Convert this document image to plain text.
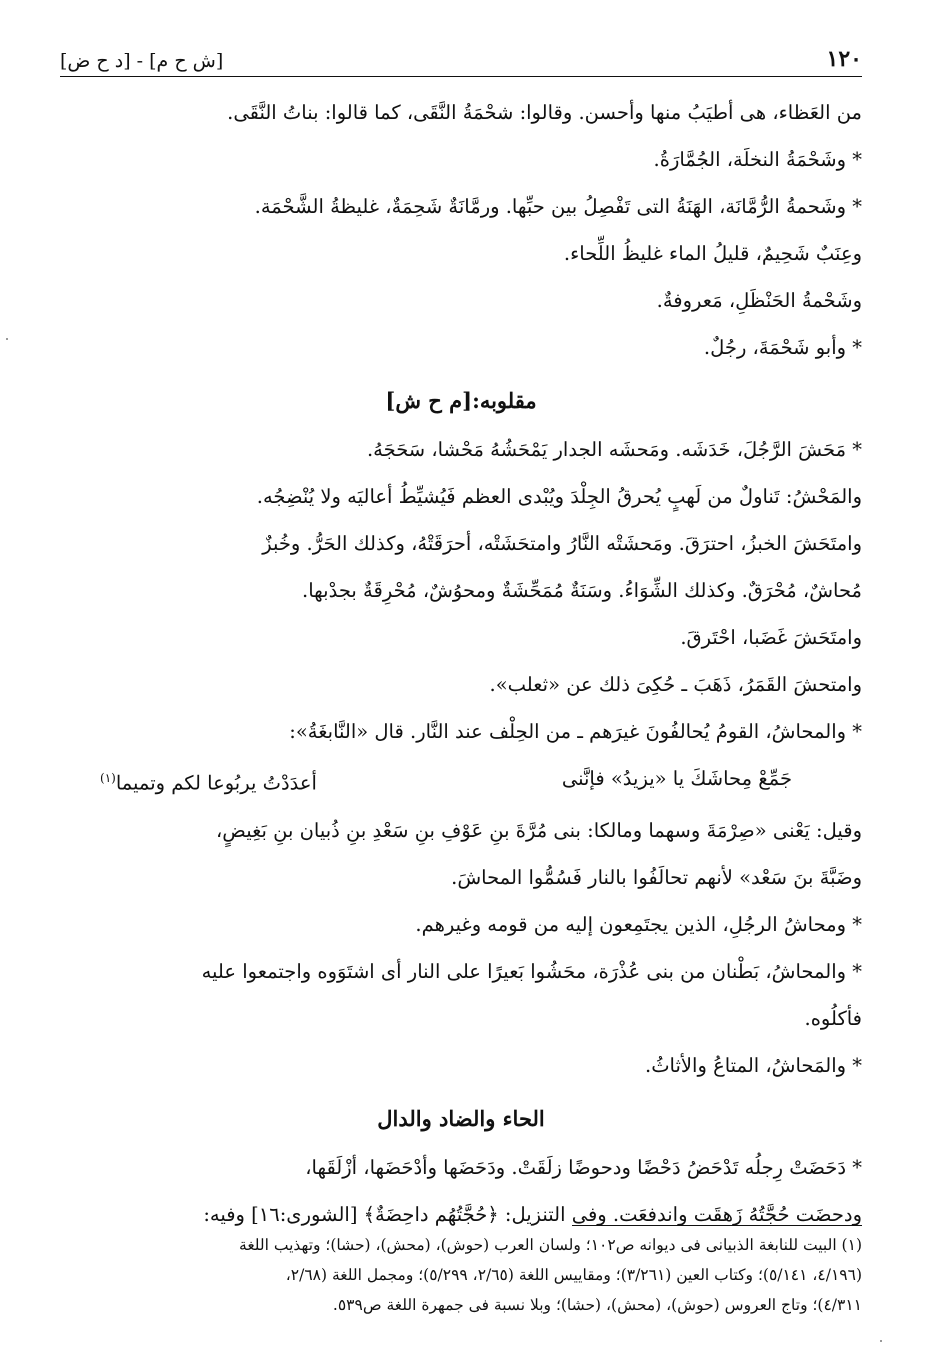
١٢٠
[ش ح م] - [د ح ض]

من العَظاء، هى أطيَبُ منها وأحسن. وقالوا: شحْمَةُ النَّقَى، كما قالوا: بناتُ النَّقَى.

* وشَحْمَةُ النخلَة، الجُمَّارَةُ.

* وشَحمةُ الرُّمَّانَة، الهَنَةُ التى تَفْصِلُ بين حبِّها. ورمَّانَةٌ شَحِمَةٌ، غليظةُ الشَّحْمَة.

وعِنَبٌ شَحِيمٌ، قليلُ الماء غليظُ اللِّحاء.

وشَحْمةُ الحَنْظَلِ، مَعروفةٌ.

* وأبو شَحْمَةَ، رجُلٌ.

مقلوبه:[م ح ش]

* مَحَشَ الرَّجُلَ، خَدَشَه. ومَحشَه الجدار يَمْحَشُهُ مَحْشا، سَحَجَهُ.

والمَحْشُ: تَناولٌ من لَهبٍ يُحرقُ الجِلْدَ ويُبْدى العظم فَيُشيِّطُ أعاليَه ولا يُنْضِجُه.

وامتَحَشَ الخبزُ، احترَقَ. ومَحشَتْه النَّارُ وامتحَشَتْه، أحرَقَتْهُ، وكذلك الحَرُّ. وخُبزٌ

مُحاشٌ، مُحْرَقٌ. وكذلك الشِّوَاءُ. وسَنَةٌ مُمَحِّشَةٌ ومحوُشٌ، مُحْرِقَةٌ بجدْبها.

وامتَحَشَ غَضَبا، احْتَرقَ.

وامتحشَ القَمَرُ، ذَهَبَ ـ حُكِىَ ذلك عن «ثعلب».

* والمحاشُ، القومُ يُحالفُونَ غيرَهم ـ من الحِلْف عند النَّار. قال «النَّابغَةُ»:

جَمِّعْ مِحاشَكَ يا «يزيدُ» فإنَّنى
أعدَدْتُ يربُوعا لكم وتميما$^{(١)}$

وقيل: يَعْنى «صِرْمَةَ وسهما ومالكا: بنى مُرَّةَ بنِ عَوْفِ بنِ سَعْدِ بنِ ذُبيان بنِ بَغِيضٍ،

وضَبَّةَ بنَ سَعْد» لأنهم تحالَفُوا بالنار فَسُمُّوا المحاشَ.

* ومحاشُ الرجُلِ، الذين يجتَمِعون إليه من قومه وغيرهم.

* والمحاشُ، بَطْنان من بنى عُذْرَة، محَشُوا بَعيرًا على النار أى اشتَوَوه واجتمعوا عليه

فأكلُوه.

* والمَحاشُ، المتاعُ والأثاثُ.

الحاء والضاد والدال

* دَحَضَتْ رِجلُه تَدْحَضُ دَحْضًا ودحوضًا زلَقَتْ. ودَحَضَها وأدْحَضَها، أزْلَقَها،

ودحضَت حُجَّتُهُ زَهقَت واندفعَت. وفى التنزيل: ﴿حُجَّتُهُم داحِضَةٌ﴾ [الشورى:١٦] وفيه:

(١) البيت للنابغة الذبيانى فى ديوانه ص١٠٢؛ ولسان العرب (حوش)، (محش)، (حشا)؛ وتهذيب اللغة

(٤/١٩٦، ٥/١٤١)؛ وكتاب العين (٣/٢٦١)؛ ومقاييس اللغة (٢/٦٥، ٥/٢٩٩)؛ ومجمل اللغة (٢/٦٨،

٤/٣١١)؛ وتاج العروس (حوش)، (محش)، (حشا)؛ وبلا نسبة فى جمهرة اللغة ص٥٣٩.
